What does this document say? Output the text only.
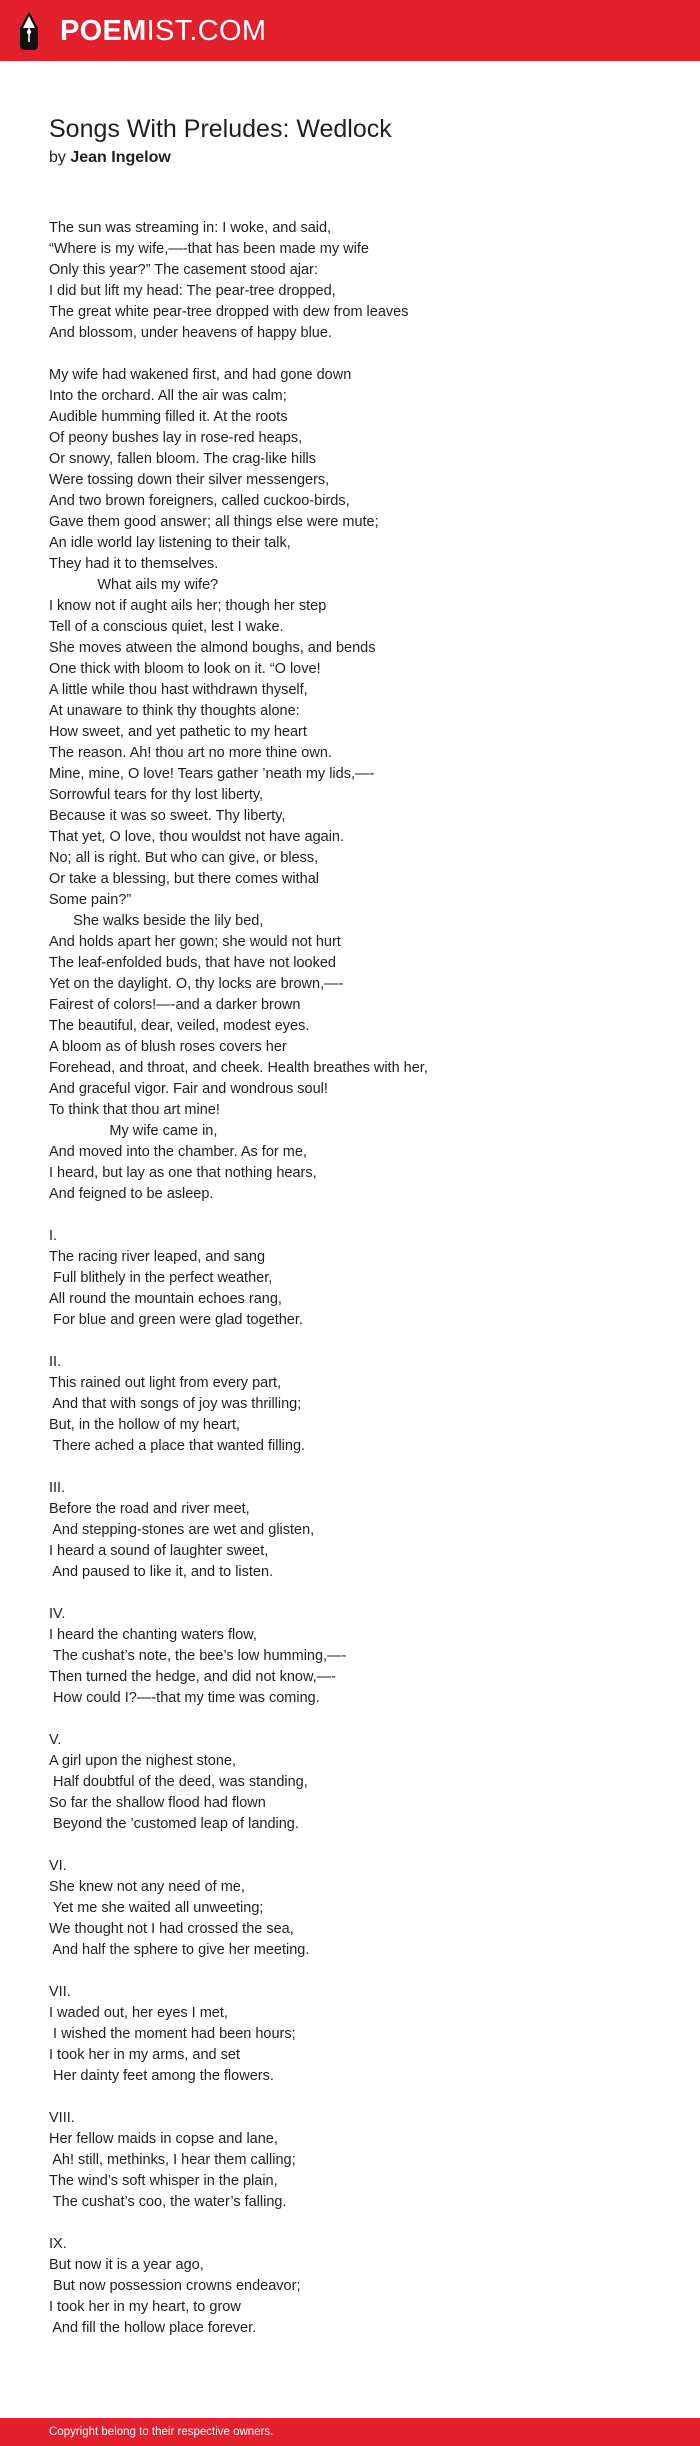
POEMIST.COM
Songs With Preludes: Wedlock
by Jean Ingelow
The sun was streaming in: I woke, and said,
“Where is my wife,—-that has been made my wife
Only this year?” The casement stood ajar:
I did but lift my head: The pear-tree dropped,
The great white pear-tree dropped with dew from leaves
And blossom, under heavens of happy blue.
My wife had wakened first, and had gone down
Into the orchard. All the air was calm;
Audible humming filled it. At the roots
Of peony bushes lay in rose-red heaps,
Or snowy, fallen bloom. The crag-like hills
Were tossing down their silver messengers,
And two brown foreigners, called cuckoo-birds,
Gave them good answer; all things else were mute;
An idle world lay listening to their talk,
They had it to themselves.
What ails my wife?
I know not if aught ails her; though her step
Tell of a conscious quiet, lest I wake.
She moves atween the almond boughs, and bends
One thick with bloom to look on it. “O love!
A little while thou hast withdrawn thyself,
At unaware to think thy thoughts alone:
How sweet, and yet pathetic to my heart
The reason. Ah! thou art no more thine own.
Mine, mine, O love! Tears gather ’neath my lids,—-
Sorrowful tears for thy lost liberty,
Because it was so sweet. Thy liberty,
That yet, O love, thou wouldst not have again.
No; all is right. But who can give, or bless,
Or take a blessing, but there comes withal
Some pain?”
She walks beside the lily bed,
And holds apart her gown; she would not hurt
The leaf-enfolded buds, that have not looked
Yet on the daylight. O, thy locks are brown,—-
Fairest of colors!—-and a darker brown
The beautiful, dear, veiled, modest eyes.
A bloom as of blush roses covers her
Forehead, and throat, and cheek. Health breathes with her,
And graceful vigor. Fair and wondrous soul!
To think that thou art mine!
My wife came in,
And moved into the chamber. As for me,
I heard, but lay as one that nothing hears,
And feigned to be asleep.
I.
The racing river leaped, and sang
Full blithely in the perfect weather,
All round the mountain echoes rang,
For blue and green were glad together.
II.
This rained out light from every part,
And that with songs of joy was thrilling;
But, in the hollow of my heart,
There ached a place that wanted filling.
III.
Before the road and river meet,
And stepping-stones are wet and glisten,
I heard a sound of laughter sweet,
And paused to like it, and to listen.
IV.
I heard the chanting waters flow,
The cushat’s note, the bee’s low humming,—-
Then turned the hedge, and did not know,—-
How could I?—-that my time was coming.
V.
A girl upon the nighest stone,
Half doubtful of the deed, was standing,
So far the shallow flood had flown
Beyond the ’customed leap of landing.
VI.
She knew not any need of me,
Yet me she waited all unweeting;
We thought not I had crossed the sea,
And half the sphere to give her meeting.
VII.
I waded out, her eyes I met,
I wished the moment had been hours;
I took her in my arms, and set
Her dainty feet among the flowers.
VIII.
Her fellow maids in copse and lane,
Ah! still, methinks, I hear them calling;
The wind’s soft whisper in the plain,
The cushat’s coo, the water’s falling.
IX.
But now it is a year ago,
But now possession crowns endeavor;
I took her in my heart, to grow
And fill the hollow place forever.
Copyright belong to their respective owners.
